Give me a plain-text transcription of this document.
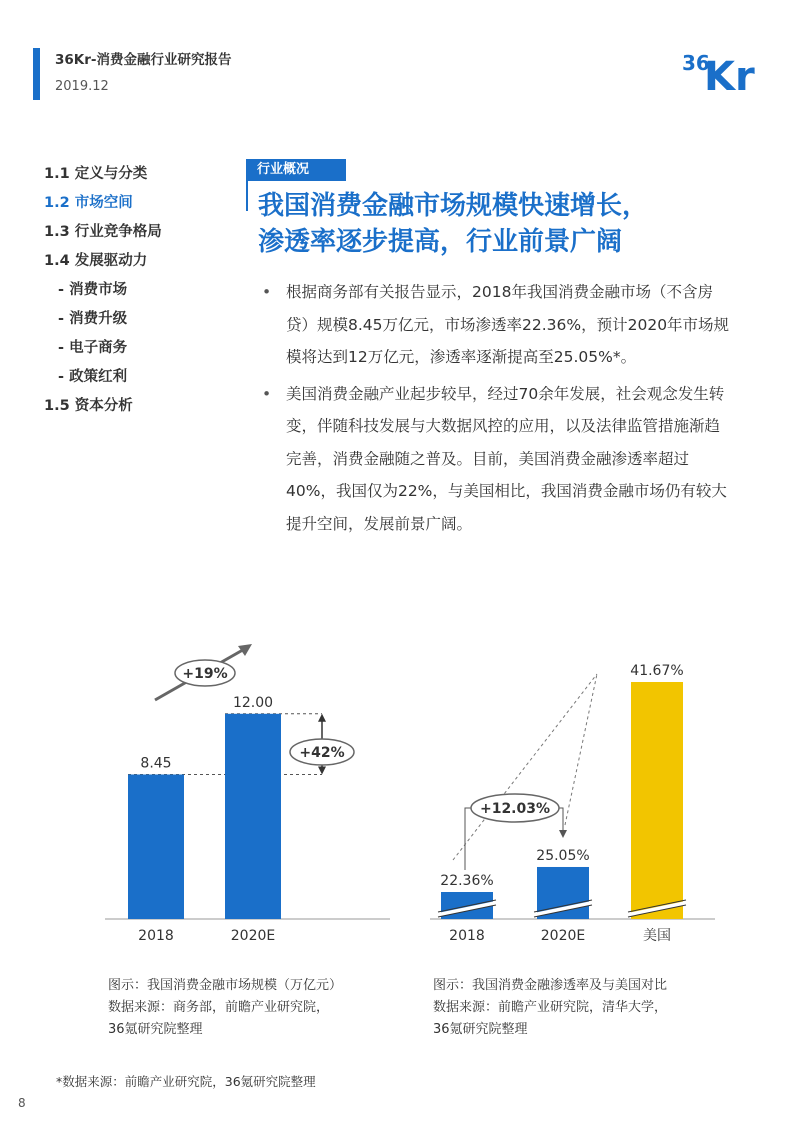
36Kr-消费金融行业研究报告
2019.12
36
Kr
1.1 定义与分类
1.2 市场空间
1.3 行业竞争格局
1.4 发展驱动力
- 消费市场
- 消费升级
- 电子商务
- 政策红利
1.5 资本分析
行业概况
我国消费金融市场规模快速增长，
渗透率逐步提高，行业前景广阔
• 根据商务部有关报告显示，2018年我国消费金融市场（不含房贷）规模8.45万亿元，市场渗透率22.36%，预计2020年市场规模将达到12万亿元，渗透率逐渐提高至25.05%*。
• 美国消费金融产业起步较早，经过70余年发展，社会观念发生转变，伴随科技发展与大数据风控的应用，以及法律监管措施渐趋完善，消费金融随之普及。目前，美国消费金融渗透率超过40%，我国仅为22%，与美国相比，我国消费金融市场仍有较大提升空间，发展前景广阔。
+19%
+42%
8.45
2018
12.00
2020E
+12.03%
22.36%
2018
25.05%
2020E
41.67%
美国
图示：我国消费金融市场规模（万亿元）
数据来源：商务部，前瞻产业研究院，
36氪研究院整理
图示：我国消费金融渗透率及与美国对比
数据来源：前瞻产业研究院，清华大学，
36氪研究院整理
*数据来源：前瞻产业研究院，36氪研究院整理
8
